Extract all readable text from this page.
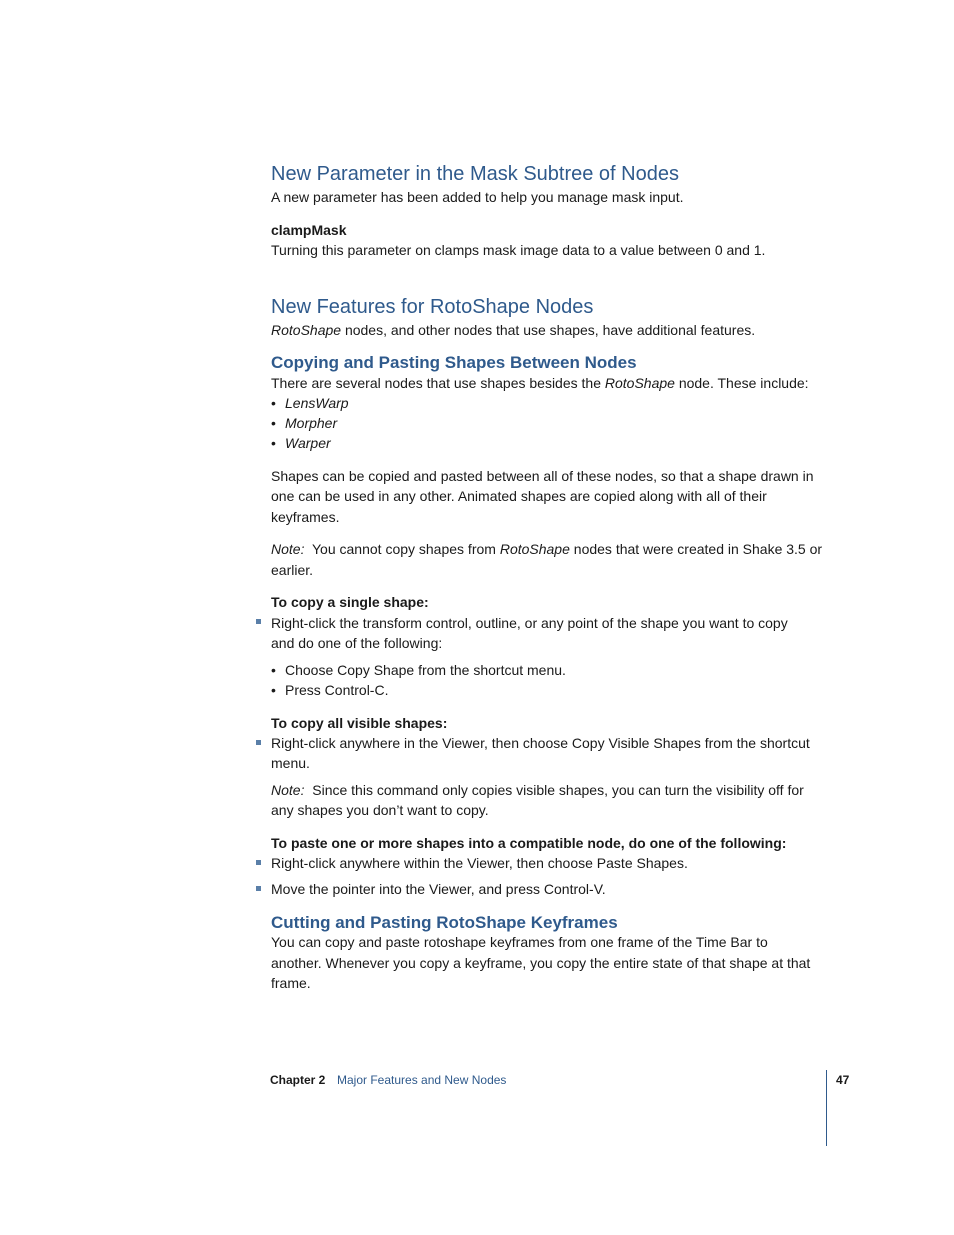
New Parameter in the Mask Subtree of Nodes
A new parameter has been added to help you manage mask input.
clampMask
Turning this parameter on clamps mask image data to a value between 0 and 1.
New Features for RotoShape Nodes
RotoShape nodes, and other nodes that use shapes, have additional features.
Copying and Pasting Shapes Between Nodes
There are several nodes that use shapes besides the RotoShape node. These include:
• LensWarp
• Morpher
• Warper
Shapes can be copied and pasted between all of these nodes, so that a shape drawn in
one can be used in any other. Animated shapes are copied along with all of their
keyframes.
Note: You cannot copy shapes from RotoShape nodes that were created in Shake 3.5 or
earlier.
To copy a single shape:
Right-click the transform control, outline, or any point of the shape you want to copy
and do one of the following:
• Choose Copy Shape from the shortcut menu.
• Press Control-C.
To copy all visible shapes:
Right-click anywhere in the Viewer, then choose Copy Visible Shapes from the shortcut
menu.
Note: Since this command only copies visible shapes, you can turn the visibility off for
any shapes you don’t want to copy.
To paste one or more shapes into a compatible node, do one of the following:
Right-click anywhere within the Viewer, then choose Paste Shapes.
Move the pointer into the Viewer, and press Control-V.
Cutting and Pasting RotoShape Keyframes
You can copy and paste rotoshape keyframes from one frame of the Time Bar to
another. Whenever you copy a keyframe, you copy the entire state of that shape at that
frame.
Chapter 2 Major Features and New Nodes	47
